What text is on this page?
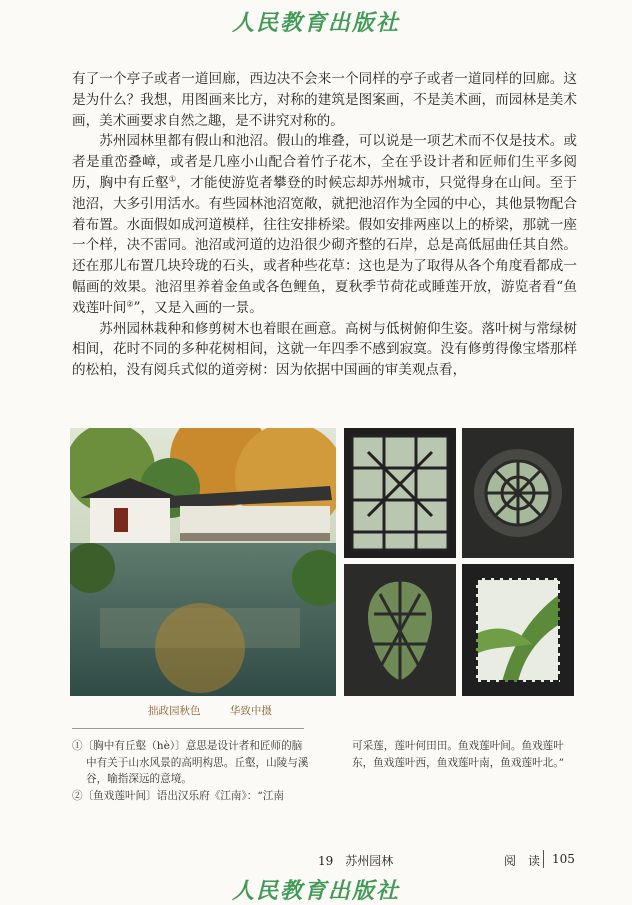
人民教育出版社

有了一个亭子或者一道回廊，西边决不会来一个同样的亭子或者一道同样的回廊。这是为什么？我想，用图画来比方，对称的建筑是图案画，不是美术画，而园林是美术画，美术画要求自然之趣，是不讲究对称的。

苏州园林里都有假山和池沼。假山的堆叠，可以说是一项艺术而不仅是技术。或者是重峦叠嶂，或者是几座小山配合着竹子花木，全在乎设计者和匠师们生平多阅历，胸中有丘壑①，才能使游览者攀登的时候忘却苏州城市，只觉得身在山间。至于池沼，大多引用活水。有些园林池沼宽敞，就把池沼作为全园的中心，其他景物配合着布置。水面假如成河道模样，往往安排桥梁。假如安排两座以上的桥梁，那就一座一个样，决不雷同。池沼或河道的边沿很少砌齐整的石岸，总是高低屈曲任其自然。还在那儿布置几块玲珑的石头，或者种些花草：这也是为了取得从各个角度看都成一幅画的效果。池沼里养着金鱼或各色鲤鱼，夏秋季节荷花或睡莲开放，游览者看“鱼戏莲叶间②”，又是入画的一景。

苏州园林栽种和修剪树木也着眼在画意。高树与低树俯仰生姿。落叶树与常绿树相间，花时不同的多种花树相间，这就一年四季不感到寂寞。没有修剪得像宝塔那样的松柏，没有阅兵式似的道旁树：因为依据中国画的审美观点看，

拙政园秋色	华致中摄
①〔胸中有丘壑（hè）〕意思是设计者和匠师的脑中有关于山水风景的高明构思。丘壑，山陵与溪谷，喻指深远的意境。
②〔鱼戏莲叶间〕语出汉乐府《江南》：“江南
可采莲，莲叶何田田。鱼戏莲叶间。鱼戏莲叶东，鱼戏莲叶西，鱼戏莲叶南，鱼戏莲叶北。”
19　苏州园林	阅　读 105
人民教育出版社
